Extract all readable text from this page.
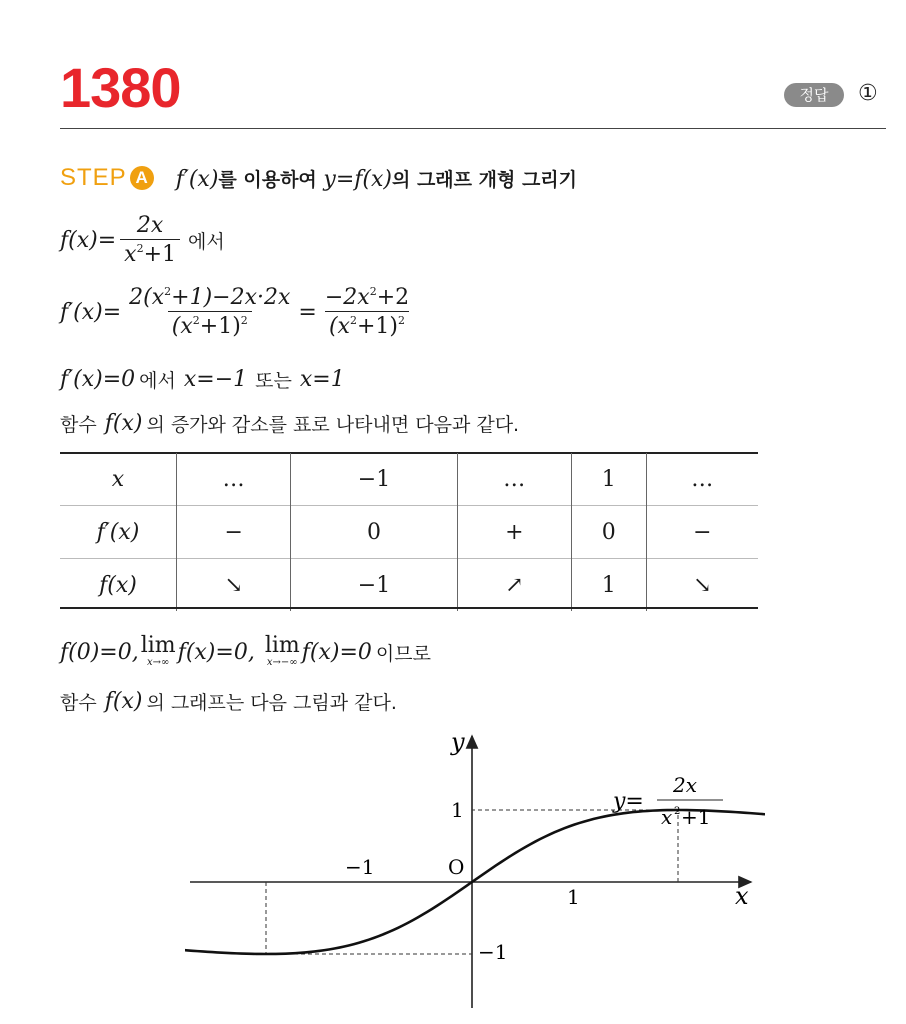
1380	정답	①
STEP A f′(x)를 이용하여 y=f(x)의 그래프 개형 그리기
$f(x)= \frac{2x}{x^2+1}$ 에서
$f'(x)= \frac{2(x^2+1)-2x\cdot 2x}{(x^2+1)^2} = \frac{-2x^2+2}{(x^2+1)^2}$
f′(x)=0 에서 x=−1 또는 x=1
함수 f(x) 의 증가와 감소를 표로 나타내면 다음과 같다.
x	…	−1	…	1	…
f′(x)	−	0	+	0	−
f(x)	↘	−1	↗	1	↘
f(0)=0, lim
x→∞ f(x)=0, lim
x→−∞ f(x)=0 이므로
함수 f(x) 의 그래프는 다음 그림과 같다.
y
x
O
−1
1
1
−1
y=
2x
x 2 +1
